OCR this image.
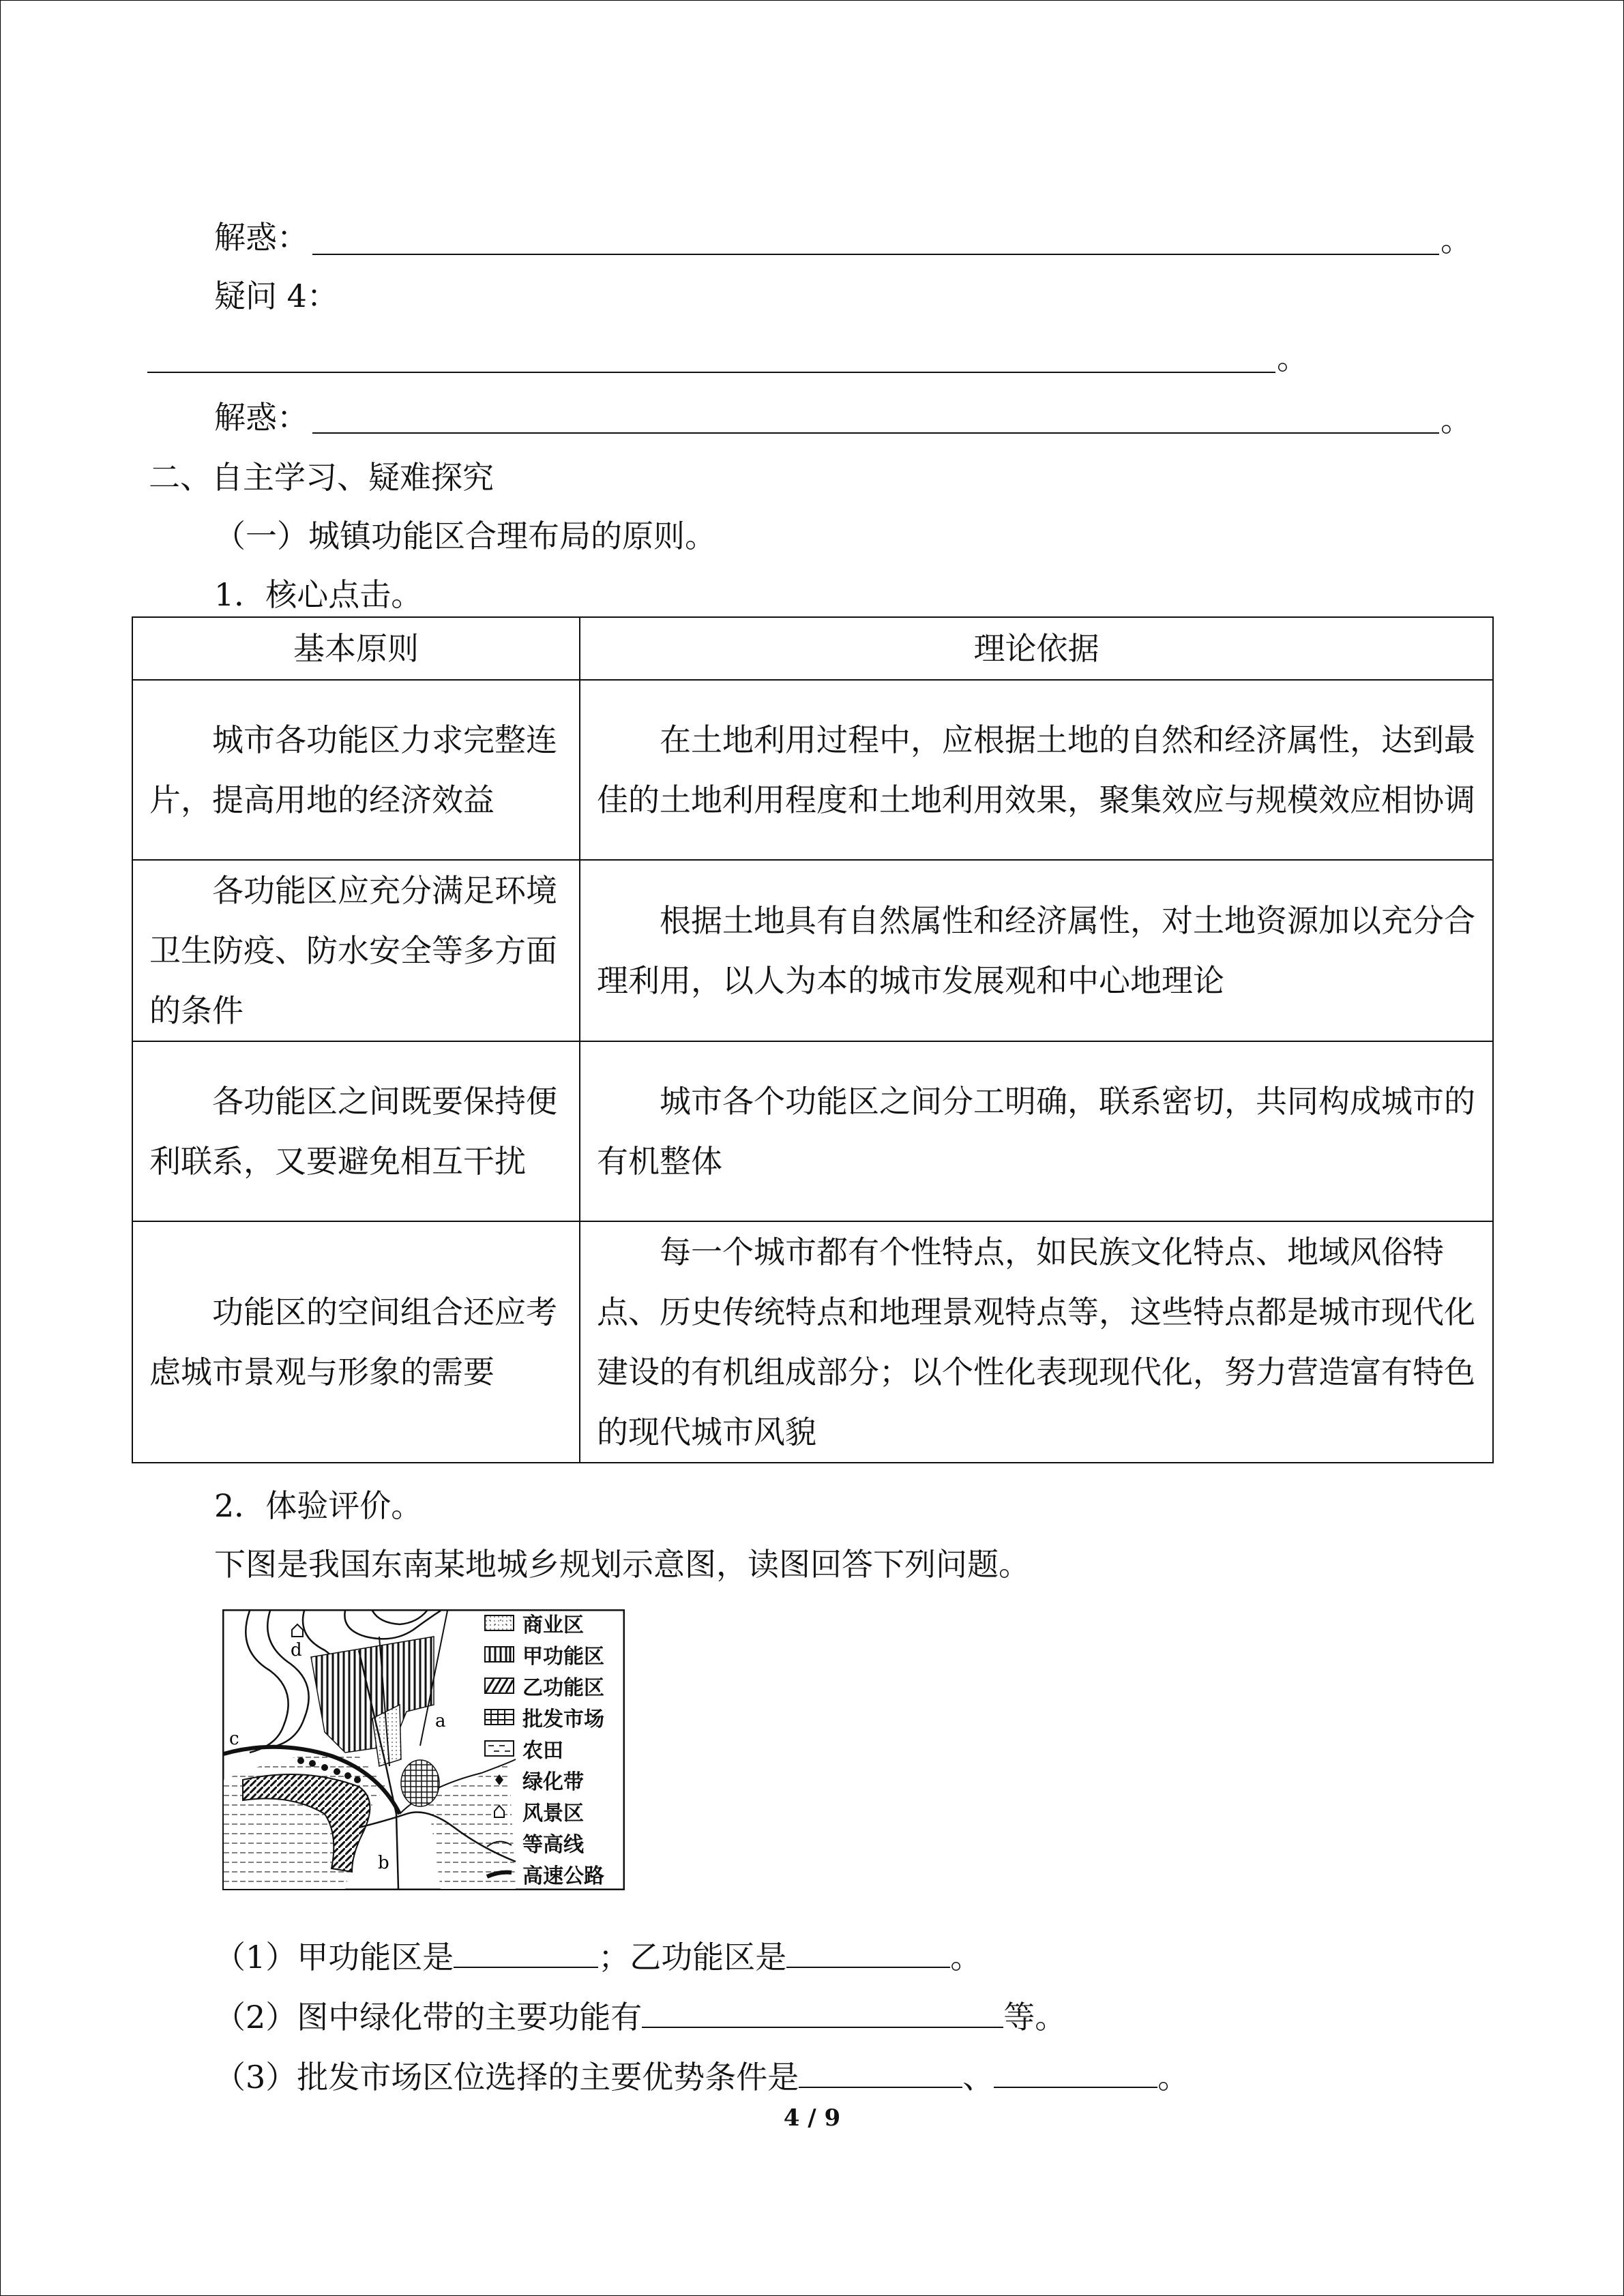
解惑：	。
疑问 4：
。
解惑：	。
二、自主学习、疑难探究
（一）城镇功能区合理布局的原则。
1．核心点击。
基本原则	理论依据

城市各功能区力求完整连片，提高用地的经济效益	在土地利用过程中，应根据土地的自然和经济属性，达到最佳的土地利用程度和土地利用效果，聚集效应与规模效应相协调

各功能区应充分满足环境卫生防疫、防水安全等多方面的条件	根据土地具有自然属性和经济属性，对土地资源加以充分合理利用，以人为本的城市发展观和中心地理论

各功能区之间既要保持便利联系，又要避免相互干扰	城市各个功能区之间分工明确，联系密切，共同构成城市的有机整体

功能区的空间组合还应考虑城市景观与形象的需要	每一个城市都有个性特点，如民族文化特点、地域风俗特点、历史传统特点和地理景观特点等，这些特点都是城市现代化建设的有机组成部分；以个性化表现现代化，努力营造富有特色的现代城市风貌

2．体验评价。
下图是我国东南某地城乡规划示意图，读图回答下列问题。
d
a
c
b
商业区
甲功能区
乙功能区
批发市场
农田
绿化带
风景区
等高线
高速公路
（1）甲功能区是	；乙功能区是	。
（2）图中绿化带的主要功能有	等。
（3）批发市场区位选择的主要优势条件是	、	。
4 / 9
